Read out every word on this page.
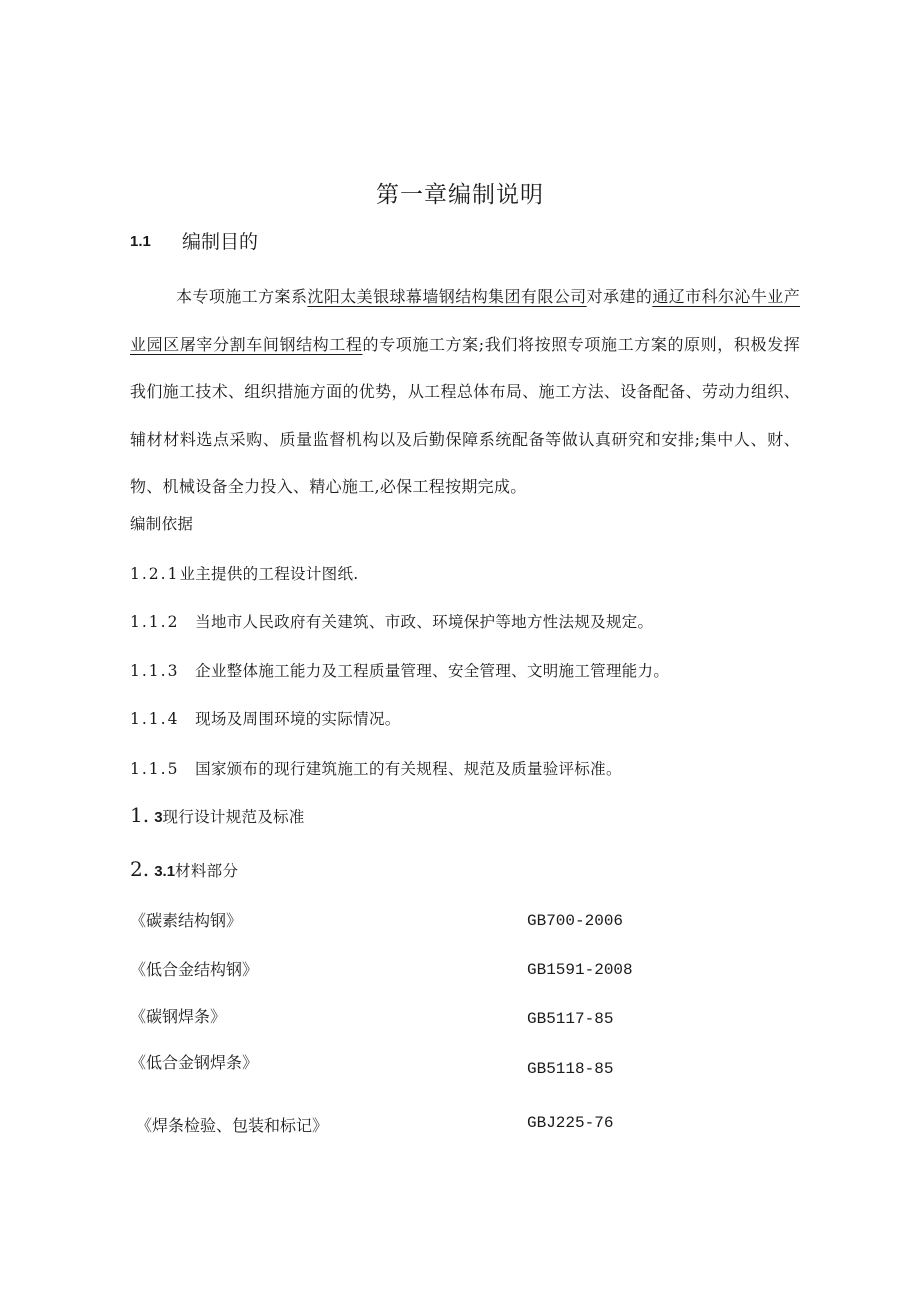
第一章编制说明
1.1 编制目的
本专项施工方案系沈阳太美银球幕墙钢结构集团有限公司对承建的通辽市科尔沁牛业产业园区屠宰分割车间钢结构工程的专项施工方案;我们将按照专项施工方案的原则，积极发挥我们施工技术、组织措施方面的优势，从工程总体布局、施工方法、设备配备、劳动力组织、辅材材料选点采购、质量监督机构以及后勤保障系统配备等做认真研究和安排;集中人、财、物、机械设备全力投入、精心施工,必保工程按期完成。
编制依据
1.2.1业主提供的工程设计图纸.
1.1.2 当地市人民政府有关建筑、市政、环境保护等地方性法规及规定。
1.1.3 企业整体施工能力及工程质量管理、安全管理、文明施工管理能力。
1.1.4 现场及周围环境的实际情况。
1.1.5 国家颁布的现行建筑施工的有关规程、规范及质量验评标准。
1. 3现行设计规范及标准
2. 3.1材料部分
《碳素结构钢》	GB700-2006
《低合金结构钢》	GB1591-2008
《碳钢焊条》	GB5117-85
《低合金钢焊条》	GB5118-85
《焊条检验、包装和标记》	GBJ225-76
